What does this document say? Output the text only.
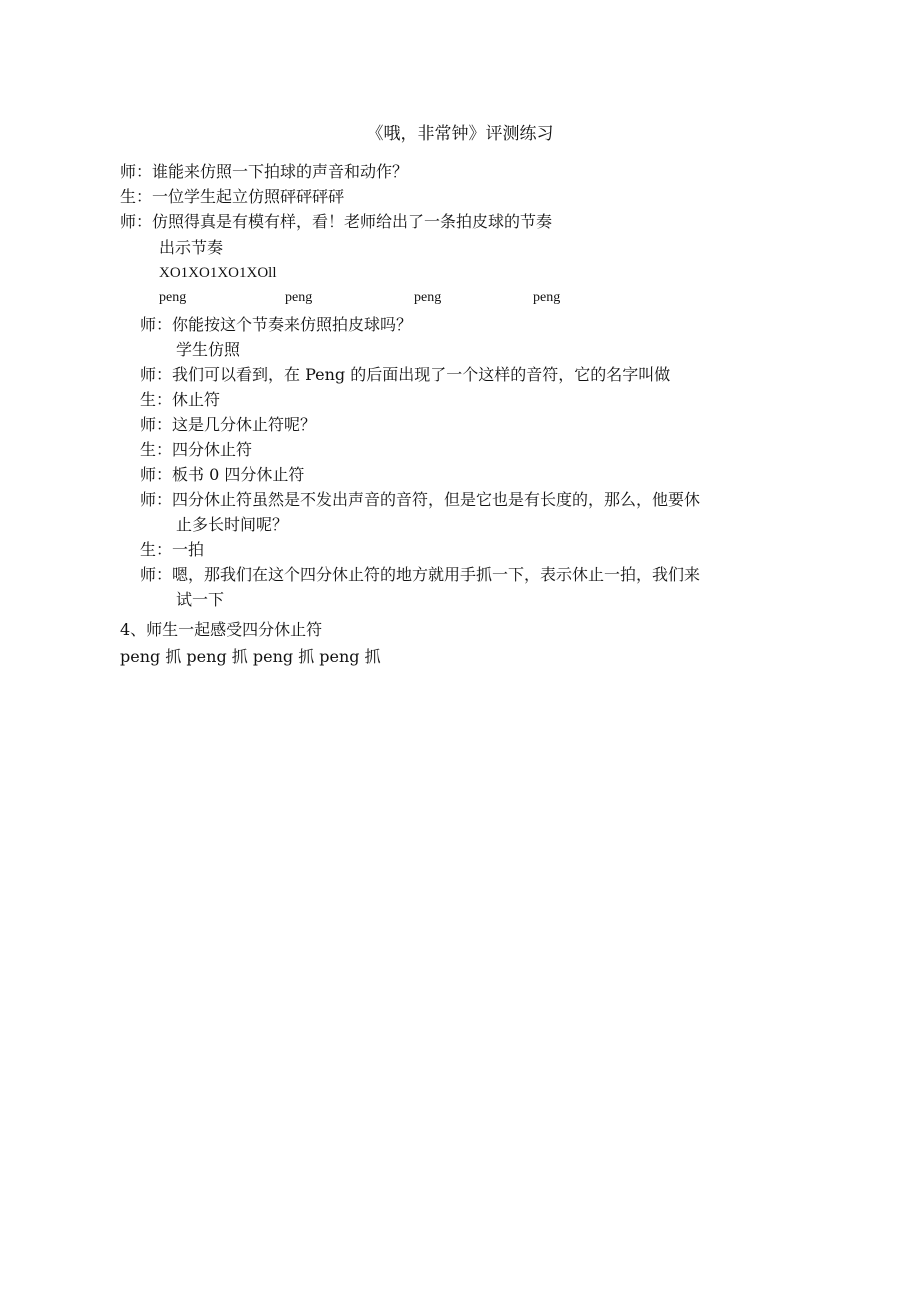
《哦，非常钟》评测练习
师：谁能来仿照一下拍球的声音和动作？
生：一位学生起立仿照砰砰砰砰
师：仿照得真是有模有样，看！老师给出了一条拍皮球的节奏
出示节奏
XO1XO1XO1XOll
peng	peng	peng	peng
师：你能按这个节奏来仿照拍皮球吗？
学生仿照
师：我们可以看到，在 Peng 的后面出现了一个这样的音符，它的名字叫做
生：休止符
师：这是几分休止符呢？
生：四分休止符
师：板书 0 四分休止符
师：四分休止符虽然是不发出声音的音符，但是它也是有长度的，那么，他要休
止多长时间呢？
生：一拍
师：嗯，那我们在这个四分休止符的地方就用手抓一下，表示休止一拍，我们来
试一下
4、师生一起感受四分休止符
peng 抓 peng 抓 peng 抓 peng 抓
